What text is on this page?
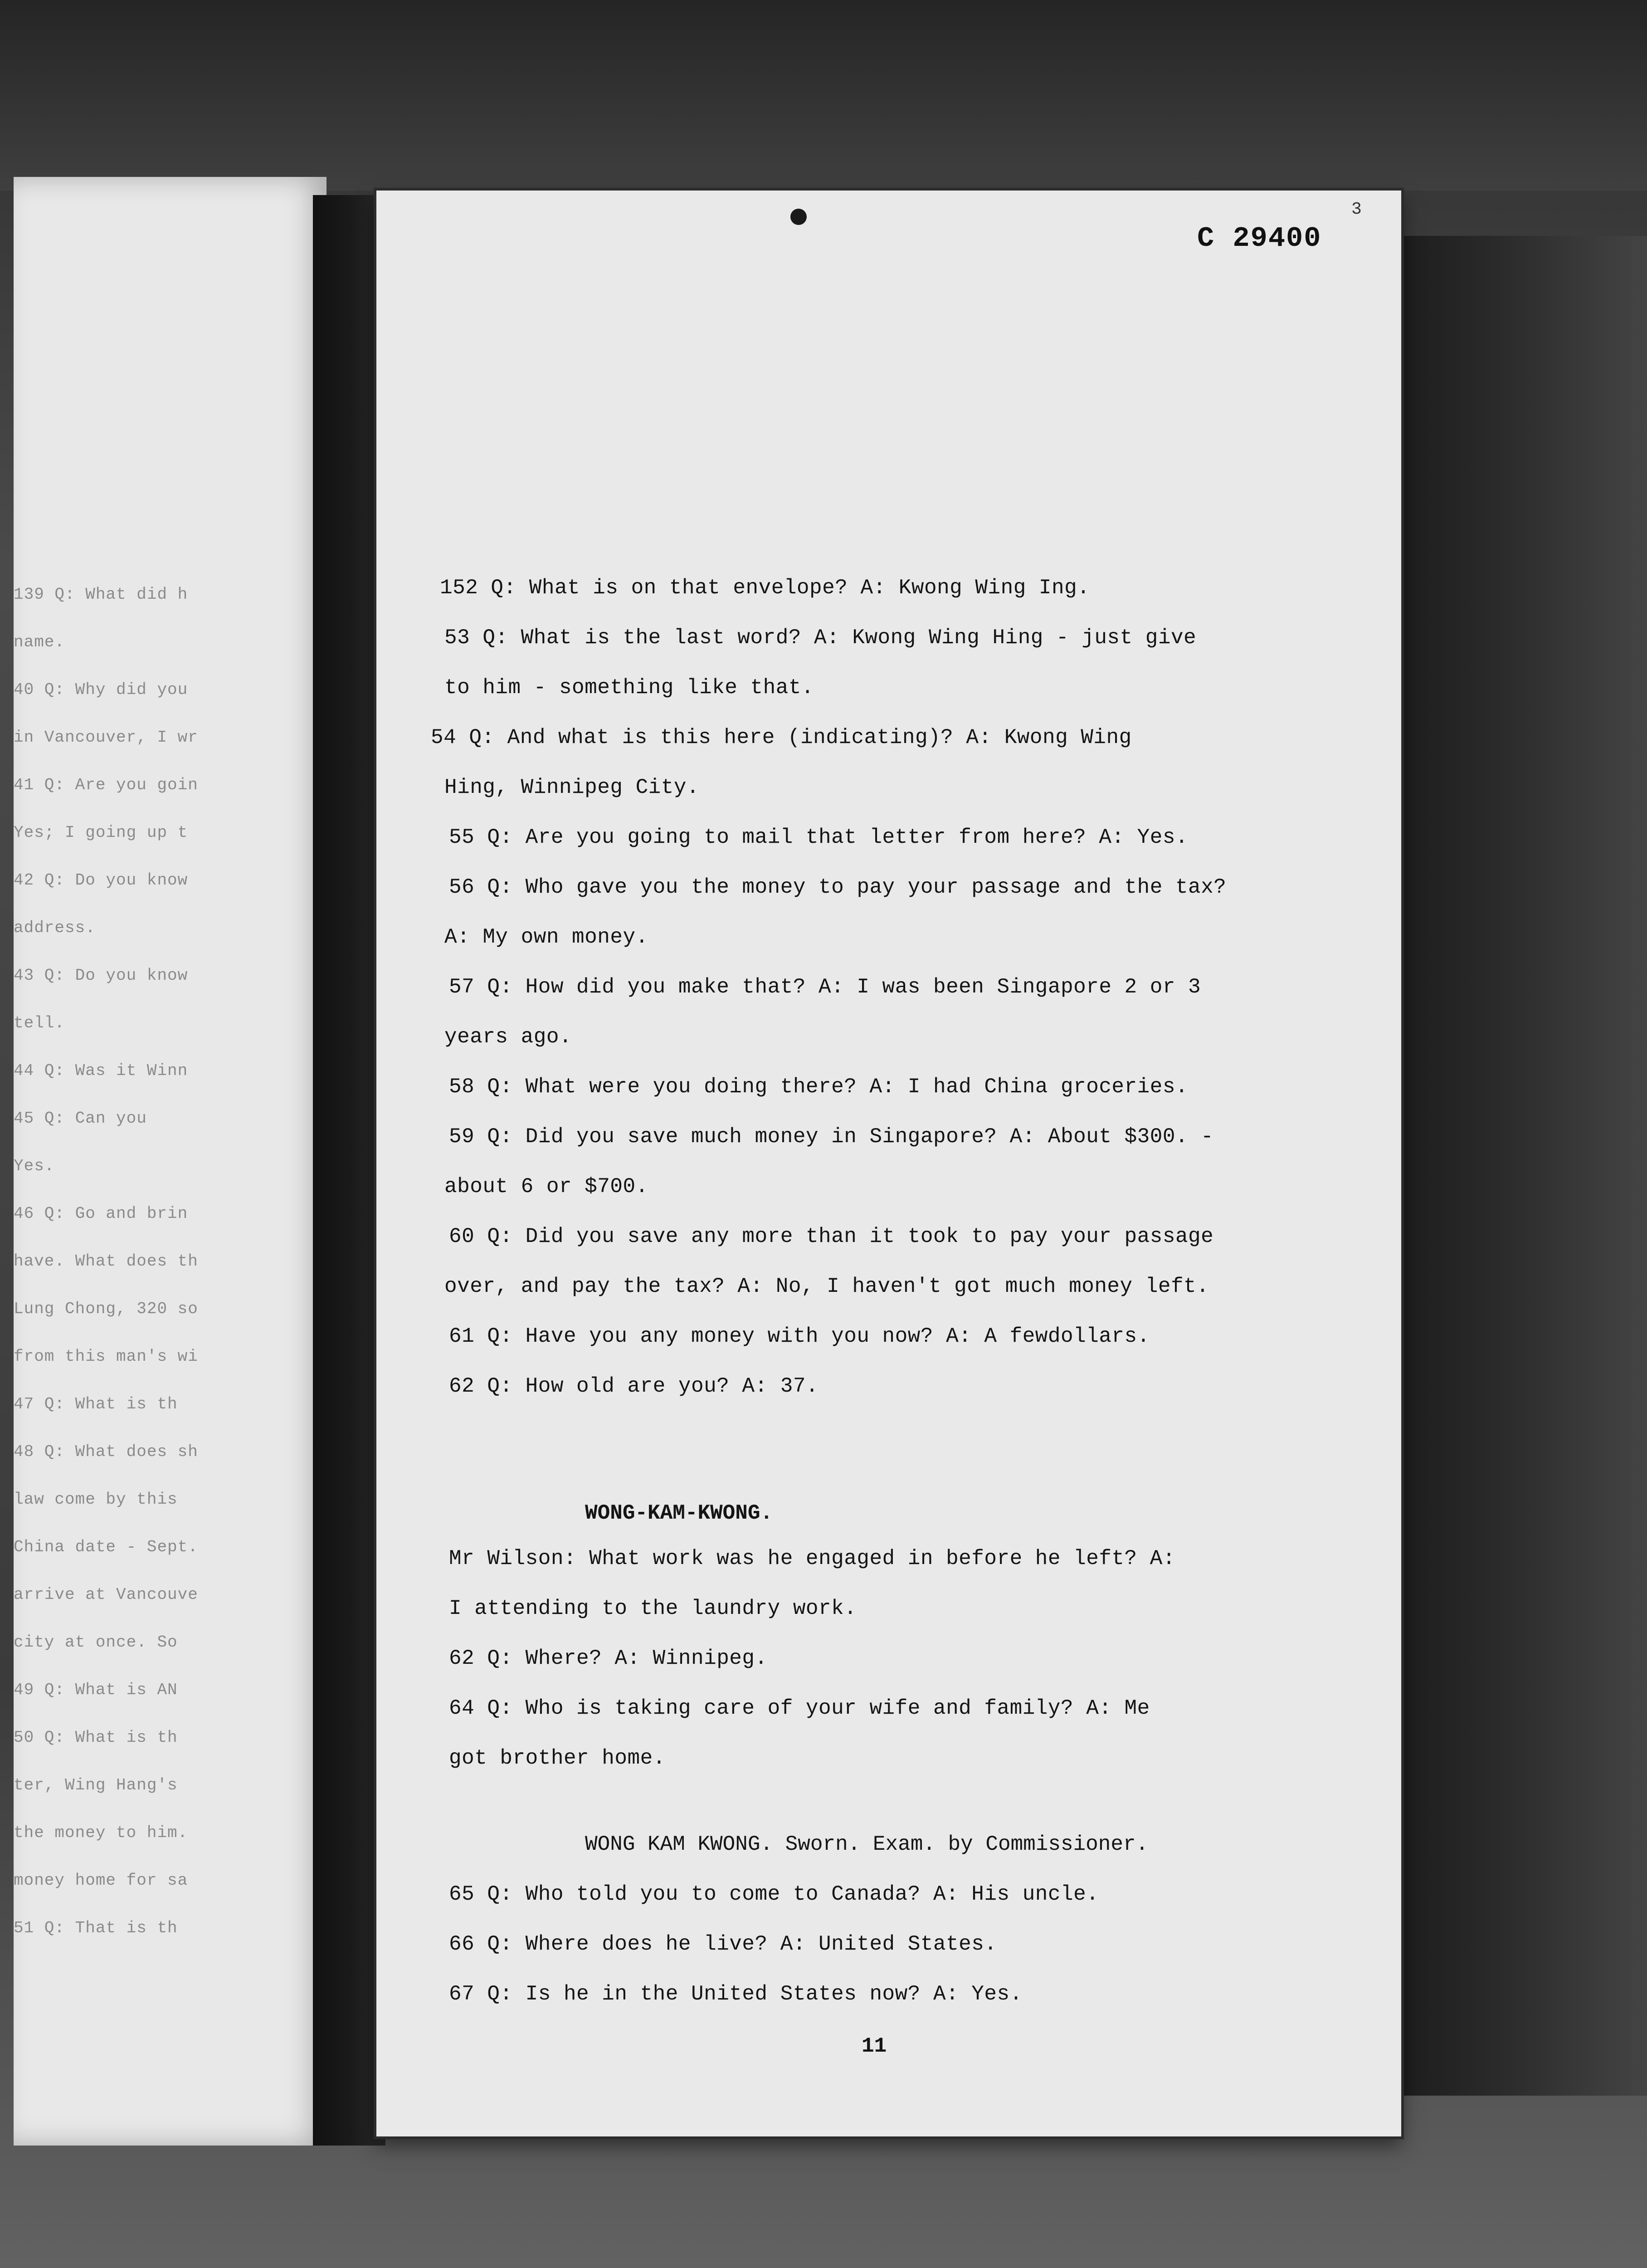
139 Q: What did h
name.
40 Q: Why did you
in Vancouver, I wr
41 Q: Are you goin
Yes; I going up t
42 Q: Do you know
address.
43 Q: Do you know
tell.
44 Q: Was it Winn
45 Q: Can you
Yes.
46 Q: Go and brin
have. What does th
Lung Chong, 320 so
from this man's wi
47 Q: What is th
48 Q: What does sh
law come by this
China date - Sept.
arrive at Vancouve
city at once. So
49 Q: What is AN
50 Q: What is th
ter, Wing Hang's
the money to him.
money home for sa
51 Q: That is th
3
C 29400
152 Q: What is on that envelope? A: Kwong Wing Ing.
53 Q: What is the last word? A: Kwong Wing Hing - just give
to him - something like that.
54 Q: And what is this here (indicating)? A: Kwong Wing
Hing, Winnipeg City.
55 Q: Are you going to mail that letter from here? A: Yes.
56 Q: Who gave you the money to pay your passage and the tax?
A: My own money.
57 Q: How did you make that? A: I was been Singapore 2 or 3
years ago.
58 Q: What were you doing there? A: I had China groceries.
59 Q: Did you save much money in Singapore? A: About $300. -
about 6 or $700.
60 Q: Did you save any more than it took to pay your passage
over, and pay the tax? A: No, I haven't got much money left.
61 Q: Have you any money with you now? A: A fewdollars.
62 Q: How old are you? A: 37.
WONG-KAM-KWONG.
Mr Wilson: What work was he engaged in before he left? A:
I attending to the laundry work.
62 Q: Where? A: Winnipeg.
64 Q: Who is taking care of your wife and family? A: Me
got brother home.
WONG KAM KWONG. Sworn. Exam. by Commissioner.
65 Q: Who told you to come to Canada? A: His uncle.
66 Q: Where does he live? A: United States.
67 Q: Is he in the United States now? A: Yes.
11
